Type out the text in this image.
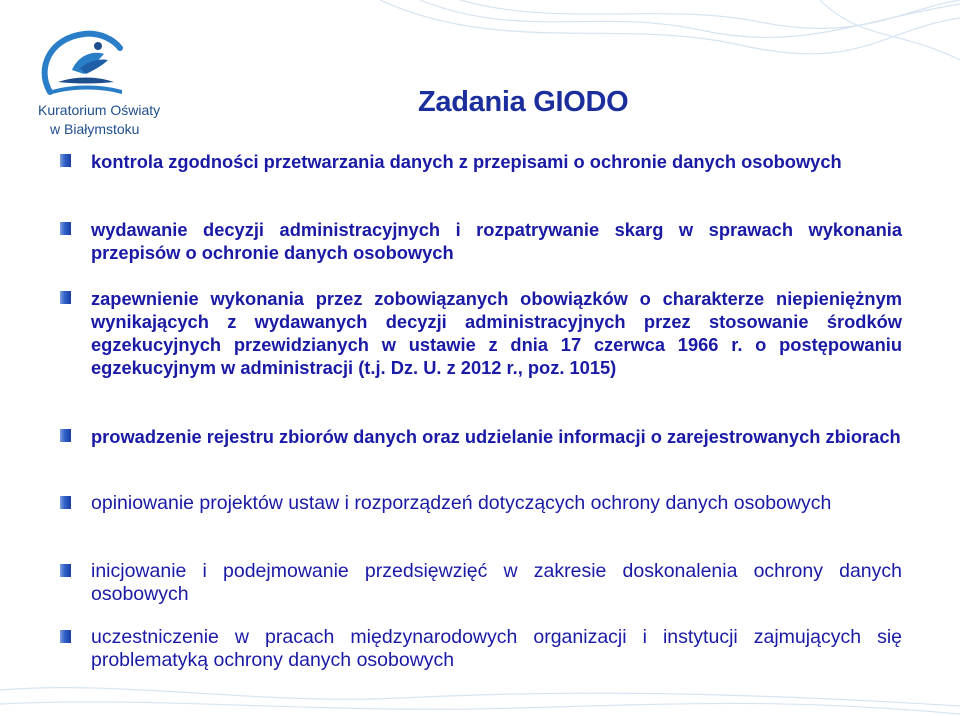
Kuratorium Oświaty
w Białymstoku
Zadania GIODO

kontrola zgodności przetwarzania danych z przepisami o ochronie danych osobowych

wydawanie decyzji administracyjnych i rozpatrywanie skarg w sprawach wykonania przepisów o ochronie danych osobowych

zapewnienie wykonania przez zobowiązanych obowiązków o charakterze niepieniężnym wynikających z wydawanych decyzji administracyjnych przez stosowanie środków egzekucyjnych przewidzianych w ustawie z dnia 17 czerwca 1966 r. o postępowaniu egzekucyjnym w administracji (t.j. Dz. U. z 2012 r., poz. 1015)

prowadzenie rejestru zbiorów danych oraz udzielanie informacji o zarejestrowanych zbiorach

opiniowanie projektów ustaw i rozporządzeń dotyczących ochrony danych osobowych

inicjowanie i podejmowanie przedsięwzięć w zakresie doskonalenia ochrony danych osobowych

uczestniczenie w pracach międzynarodowych organizacji i instytucji zajmujących się problematyką ochrony danych osobowych
